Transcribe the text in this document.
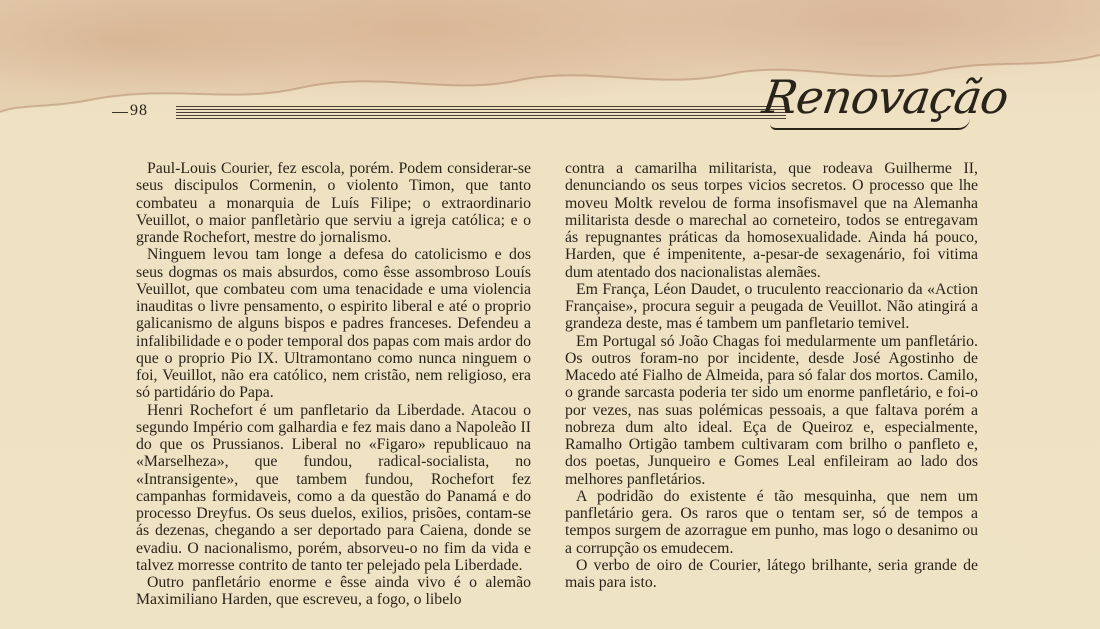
98	Renovação

Paul-Louis Courier, fez escola, porém. Podem considerar-se seus discipulos Cormenin, o violento Timon, que tanto combateu a monarquia de Luís Filipe; o extraordinario Veuillot, o maior panfletàrio que serviu a igreja católica; e o grande Rochefort, mestre do jornalismo.

Ninguem levou tam longe a defesa do catolicismo e dos seus dogmas os mais absurdos, como êsse assombroso Louís Veuillot, que combateu com uma tenacidade e uma violencia inauditas o livre pensamento, o espirito liberal e até o proprio galicanismo de alguns bispos e padres franceses. Defendeu a infalibilidade e o poder temporal dos papas com mais ardor do que o proprio Pio IX. Ultramontano como nunca ninguem o foi, Veuillot, não era católico, nem cristão, nem religioso, era só partidário do Papa.

Henri Rochefort é um panfletario da Liberdade. Atacou o segundo Império com galhardia e fez mais dano a Napoleão II do que os Prussianos. Liberal no «Figaro» republicauo na «Marselheza», que fundou, radical-socialista, no «Intransigente», que tambem fundou, Rochefort fez campanhas formidaveis, como a da questão do Panamá e do processo Dreyfus. Os seus duelos, exilios, prisões, contam-se ás dezenas, chegando a ser deportado para Caiena, donde se evadiu. O nacionalismo, porém, absorveu-o no fim da vida e talvez morresse contrito de tanto ter pelejado pela Liberdade.

Outro panfletário enorme e êsse ainda vivo é o alemão Maximiliano Harden, que escreveu, a fogo, o libelo

contra a camarilha militarista, que rodeava Guilherme II, denunciando os seus torpes vicios secretos. O processo que lhe moveu Moltk revelou de forma insofismavel que na Alemanha militarista desde o marechal ao corneteiro, todos se entregavam ás repugnantes práticas da homosexualidade. Ainda há pouco, Harden, que é impenitente, a-pesar-de sexagenário, foi vitima dum atentado dos nacionalistas alemães.

Em França, Léon Daudet, o truculento reaccionario da «Action Française», procura seguir a peugada de Veuillot. Não atingirá a grandeza deste, mas é tambem um panfletario temivel.

Em Portugal só João Chagas foi medularmente um panfletário. Os outros foram-no por incidente, desde José Agostinho de Macedo até Fialho de Almeida, para só falar dos mortos. Camilo, o grande sarcasta poderia ter sido um enorme panfletário, e foi-o por vezes, nas suas polémicas pessoais, a que faltava porém a nobreza dum alto ideal. Eça de Queiroz e, especialmente, Ramalho Ortigão tambem cultivaram com brilho o panfleto e, dos poetas, Junqueiro e Gomes Leal enfileiram ao lado dos melhores panfletários.

A podridão do existente é tão mesquinha, que nem um panfletário gera. Os raros que o tentam ser, só de tempos a tempos surgem de azorrague em punho, mas logo o desanimo ou a corrupção os emudecem.

O verbo de oiro de Courier, látego brilhante, seria grande de mais para isto.
